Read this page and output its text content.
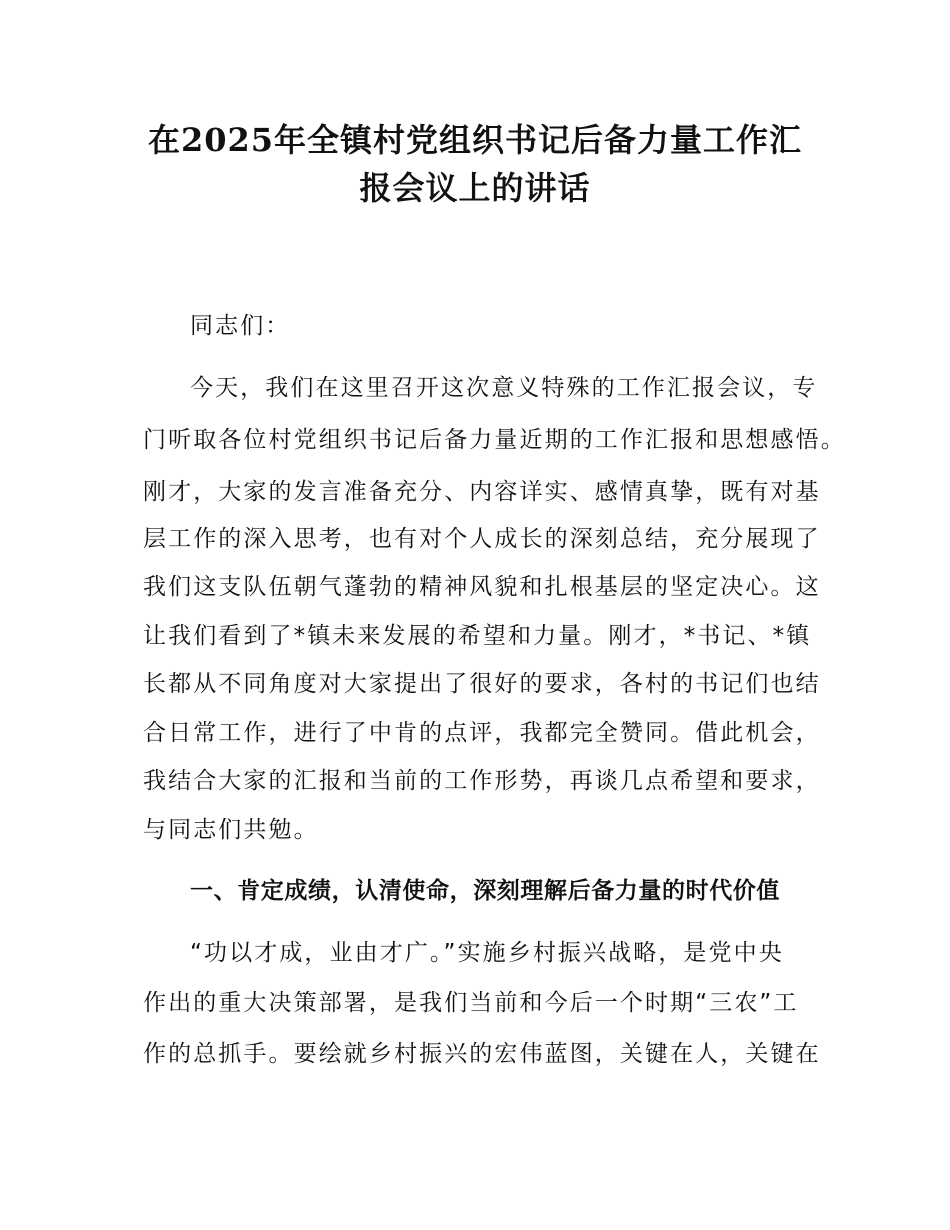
在2025年全镇村党组织书记后备力量工作汇
报会议上的讲话

同志们：

今天，我们在这里召开这次意义特殊的工作汇报会议，专

门听取各位村党组织书记后备力量近期的工作汇报和思想感悟。

刚才，大家的发言准备充分、内容详实、感情真挚，既有对基

层工作的深入思考，也有对个人成长的深刻总结，充分展现了

我们这支队伍朝气蓬勃的精神风貌和扎根基层的坚定决心。这

让我们看到了*镇未来发展的希望和力量。刚才，*书记、*镇

长都从不同角度对大家提出了很好的要求，各村的书记们也结

合日常工作，进行了中肯的点评，我都完全赞同。借此机会，

我结合大家的汇报和当前的工作形势，再谈几点希望和要求，

与同志们共勉。

一、肯定成绩，认清使命，深刻理解后备力量的时代价值

“功以才成，业由才广。”实施乡村振兴战略，是党中央

作出的重大决策部署，是我们当前和今后一个时期“三农”工

作的总抓手。要绘就乡村振兴的宏伟蓝图，关键在人，关键在
